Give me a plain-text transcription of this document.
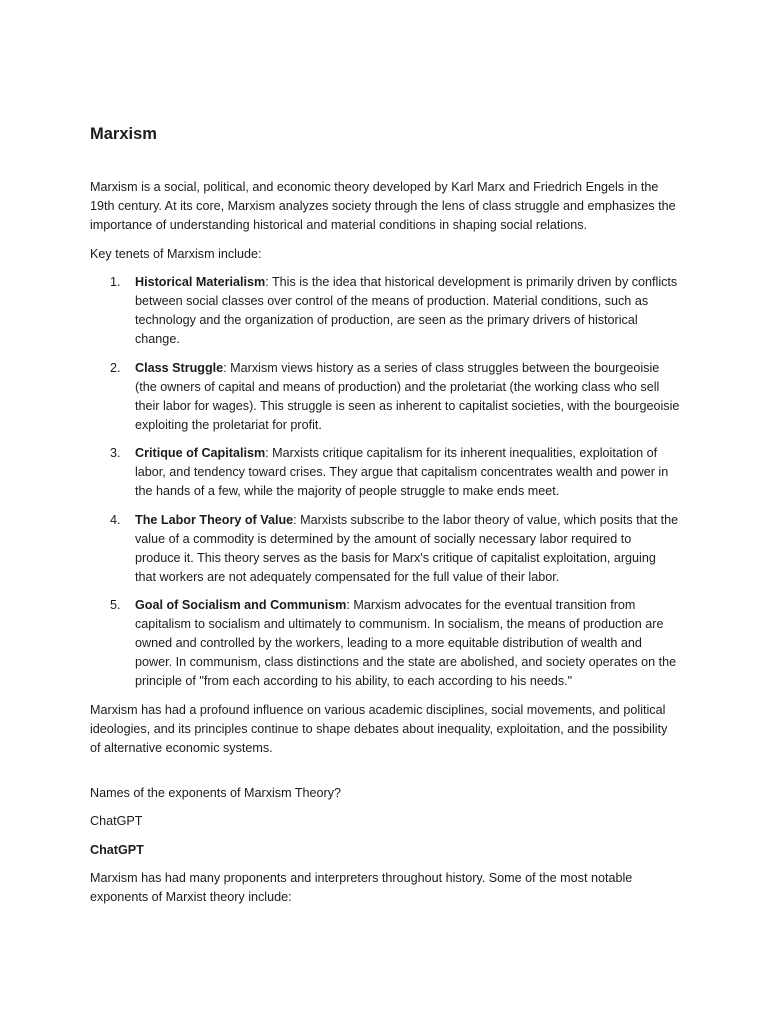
Marxism

Marxism is a social, political, and economic theory developed by Karl Marx and Friedrich Engels in the 19th century. At its core, Marxism analyzes society through the lens of class struggle and emphasizes the importance of understanding historical and material conditions in shaping social relations.

Key tenets of Marxism include:

1. Historical Materialism: This is the idea that historical development is primarily driven by conflicts between social classes over control of the means of production. Material conditions, such as technology and the organization of production, are seen as the primary drivers of historical change.
2. Class Struggle: Marxism views history as a series of class struggles between the bourgeoisie (the owners of capital and means of production) and the proletariat (the working class who sell their labor for wages). This struggle is seen as inherent to capitalist societies, with the bourgeoisie exploiting the proletariat for profit.
3. Critique of Capitalism: Marxists critique capitalism for its inherent inequalities, exploitation of labor, and tendency toward crises. They argue that capitalism concentrates wealth and power in the hands of a few, while the majority of people struggle to make ends meet.
4. The Labor Theory of Value: Marxists subscribe to the labor theory of value, which posits that the value of a commodity is determined by the amount of socially necessary labor required to produce it. This theory serves as the basis for Marx's critique of capitalist exploitation, arguing that workers are not adequately compensated for the full value of their labor.
5. Goal of Socialism and Communism: Marxism advocates for the eventual transition from capitalism to socialism and ultimately to communism. In socialism, the means of production are owned and controlled by the workers, leading to a more equitable distribution of wealth and power. In communism, class distinctions and the state are abolished, and society operates on the principle of "from each according to his ability, to each according to his needs."

Marxism has had a profound influence on various academic disciplines, social movements, and political ideologies, and its principles continue to shape debates about inequality, exploitation, and the possibility of alternative economic systems.

Names of the exponents of Marxism Theory?

ChatGPT

ChatGPT

Marxism has had many proponents and interpreters throughout history. Some of the most notable exponents of Marxist theory include:
